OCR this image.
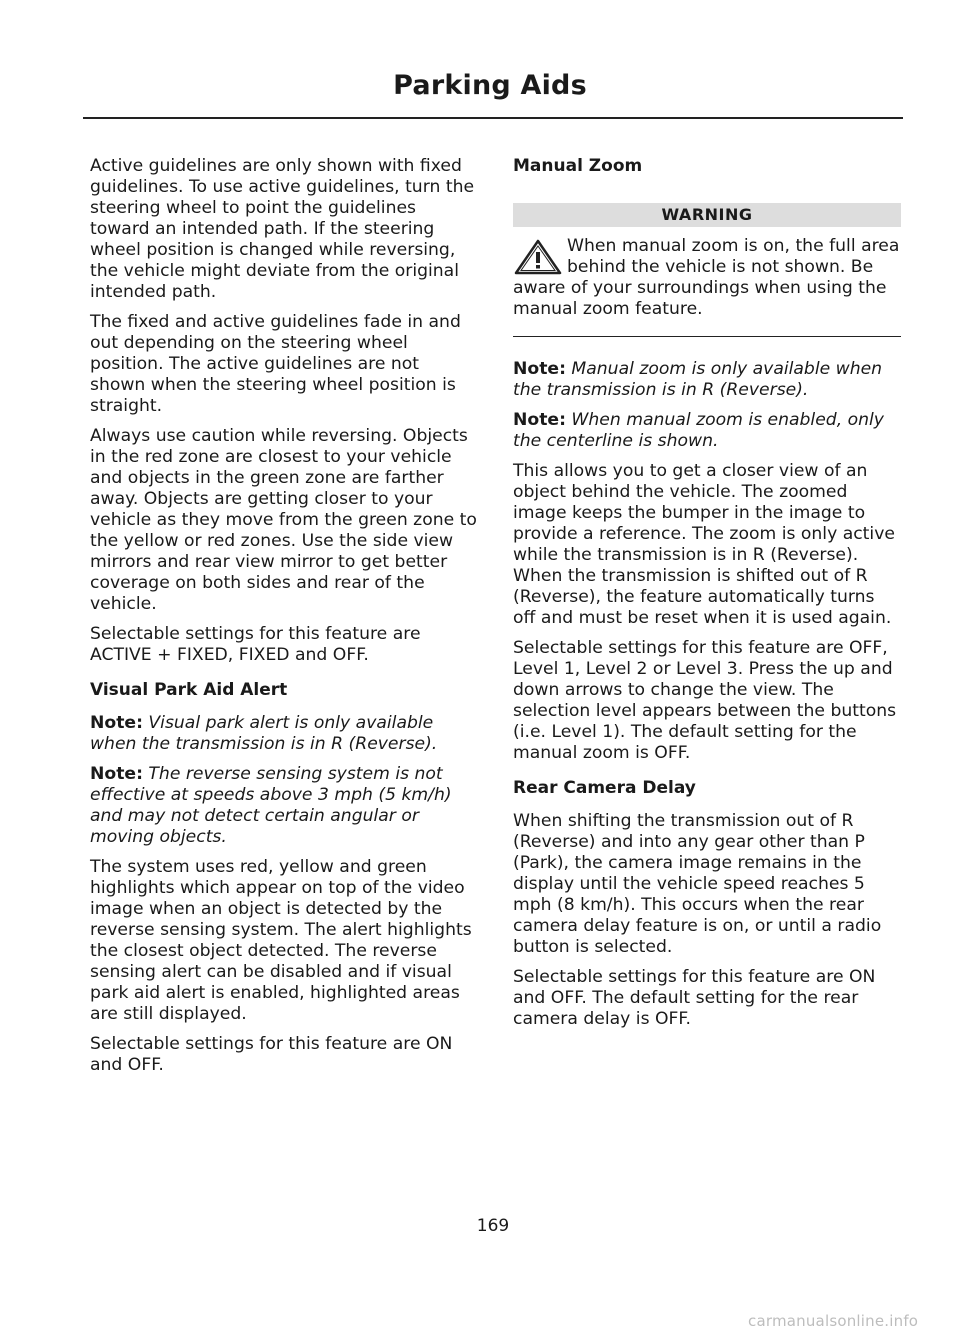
Parking Aids

Active guidelines are only shown with fixed guidelines. To use active guidelines, turn the steering wheel to point the guidelines toward an intended path. If the steering wheel position is changed while reversing, the vehicle might deviate from the original intended path.

The fixed and active guidelines fade in and out depending on the steering wheel position. The active guidelines are not shown when the steering wheel position is straight.

Always use caution while reversing. Objects in the red zone are closest to your vehicle and objects in the green zone are farther away. Objects are getting closer to your vehicle as they move from the green zone to the yellow or red zones. Use the side view mirrors and rear view mirror to get better coverage on both sides and rear of the vehicle.

Selectable settings for this feature are ACTIVE + FIXED, FIXED and OFF.

Visual Park Aid Alert

Note: Visual park alert is only available when the transmission is in R (Reverse).

Note: The reverse sensing system is not effective at speeds above 3 mph (5 km/h) and may not detect certain angular or moving objects.

The system uses red, yellow and green highlights which appear on top of the video image when an object is detected by the reverse sensing system. The alert highlights the closest object detected. The reverse sensing alert can be disabled and if visual park aid alert is enabled, highlighted areas are still displayed.

Selectable settings for this feature are ON and OFF.

Manual Zoom
WARNING
When manual zoom is on, the full area behind the vehicle is not shown. Be aware of your surroundings when using the manual zoom feature.

Note: Manual zoom is only available when the transmission is in R (Reverse).

Note: When manual zoom is enabled, only the centerline is shown.

This allows you to get a closer view of an object behind the vehicle. The zoomed image keeps the bumper in the image to provide a reference. The zoom is only active while the transmission is in R (Reverse). When the transmission is shifted out of R (Reverse), the feature automatically turns off and must be reset when it is used again.

Selectable settings for this feature are OFF, Level 1, Level 2 or Level 3. Press the up and down arrows to change the view. The selection level appears between the buttons (i.e. Level 1). The default setting for the manual zoom is OFF.

Rear Camera Delay

When shifting the transmission out of R (Reverse) and into any gear other than P (Park), the camera image remains in the display until the vehicle speed reaches 5 mph (8 km/h). This occurs when the rear camera delay feature is on, or until a radio button is selected.

Selectable settings for this feature are ON and OFF. The default setting for the rear camera delay is OFF.

169
carmanualsonline.info
